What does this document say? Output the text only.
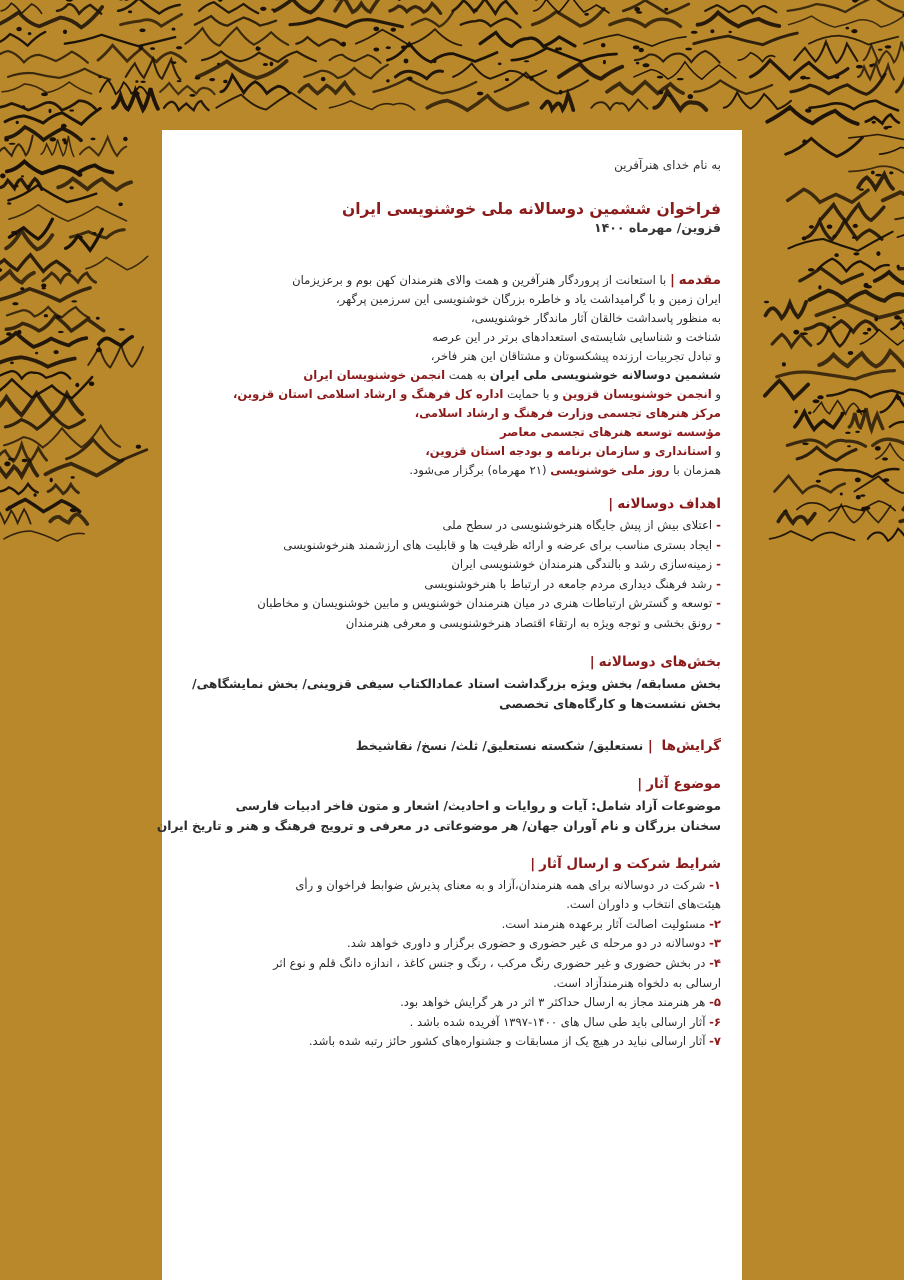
به نام خدای هنرآفرین
فراخوان ششمین دوسالانه ملی خوشنویسی ایران
قزوین/ مهرماه ۱۴۰۰
مقدمه | با استعانت از پروردگار هنرآفرین و همت والای هنرمندان کهن بوم و برعزیزمان
ایران زمین و با گرامیداشت یاد و خاطره بزرگان خوشنویسی این سرزمین پرگهر،
به منظور پاسداشت خالقان آثار ماندگار خوشنویسی،
شناخت و شناسایی شایسته‌ی استعدادهای برتر در این عرصه
و تبادل تجربیات ارزنده پیشکسوتان و مشتاقان این هنر فاخر،
ششمین دوسالانه خوشنویسی ملی ایران به همت انجمن خوشنویسان ایران
و انجمن خوشنویسان قزوین و با حمایت اداره کل فرهنگ و ارشاد اسلامی استان قزوین،
مرکز هنرهای تجسمی وزارت فرهنگ و ارشاد اسلامی،
مؤسسه توسعه هنرهای تجسمی معاصر
و استانداری و سازمان برنامه و بودجه استان قزوین،
همزمان با روز ملی خوشنویسی (۲۱ مهرماه) برگزار می‌شود.
اهداف دوسالانه|
- اعتلای بیش از پیش جایگاه هنرخوشنویسی در سطح ملی
- ایجاد بستری مناسب برای عرضه و ارائه ظرفیت ها و قابلیت های ارزشمند هنرخوشنویسی
- زمینه‌سازی رشد و بالندگی هنرمندان خوشنویسی ایران
- رشد فرهنگ دیداری مردم جامعه در ارتباط با هنرخوشنویسی
- توسعه و گسترش ارتباطات هنری در میان هنرمندان خوشنویس و مابین خوشنویسان و مخاطبان
- رونق بخشی و توجه ویژه به ارتقاء اقتصاد هنرخوشنویسی و معرفی هنرمندان
بخش‌های دوسالانه|
بخش مسابقه/ بخش ویژه بزرگداشت استاد عمادالکتاب سیفی قزوینی/ بخش نمایشگاهی/
بخش نشست‌ها و کارگاه‌های تخصصی
گرایش‌ها | نستعلیق/ شکسته نستعلیق/ ثلث/ نسخ/ نقاشیخط
موضوع آثار|
موضوعات آزاد شامل: آیات و روایات و احادیث/ اشعار و متون فاخر ادبیات فارسی
سخنان بزرگان و نام آوران جهان/ هر موضوعاتی در معرفی و ترویج فرهنگ و هنر و تاریخ ایران
شرایط شرکت و ارسال آثار|
۱- شرکت در دوسالانه برای همه هنرمندان،آزاد و به معنای پذیرش ضوابط فراخوان و رأی
هیئت‌های انتخاب و داوران است.
۲- مسئولیت اصالت آثار برعهده هنرمند است.
۳- دوسالانه در دو مرحله ی غیر حضوری و حضوری برگزار و داوری خواهد شد.
۴- در بخش حضوری و غیر حضوری رنگ مرکب ، رنگ و جنس کاغذ ، اندازه دانگ قلم و نوع اثر
ارسالی به دلخواه هنرمندآزاد است.
۵- هر هنرمند مجاز به ارسال حداکثر ۳ اثر در هر گرایش خواهد بود.
۶- آثار ارسالی باید طی سال های ۱۴۰۰-۱۳۹۷ آفریده شده باشد .
۷- آثار ارسالی نباید در هیچ یک از مسابقات و جشنواره‌های کشور حائز رتبه شده باشد.
